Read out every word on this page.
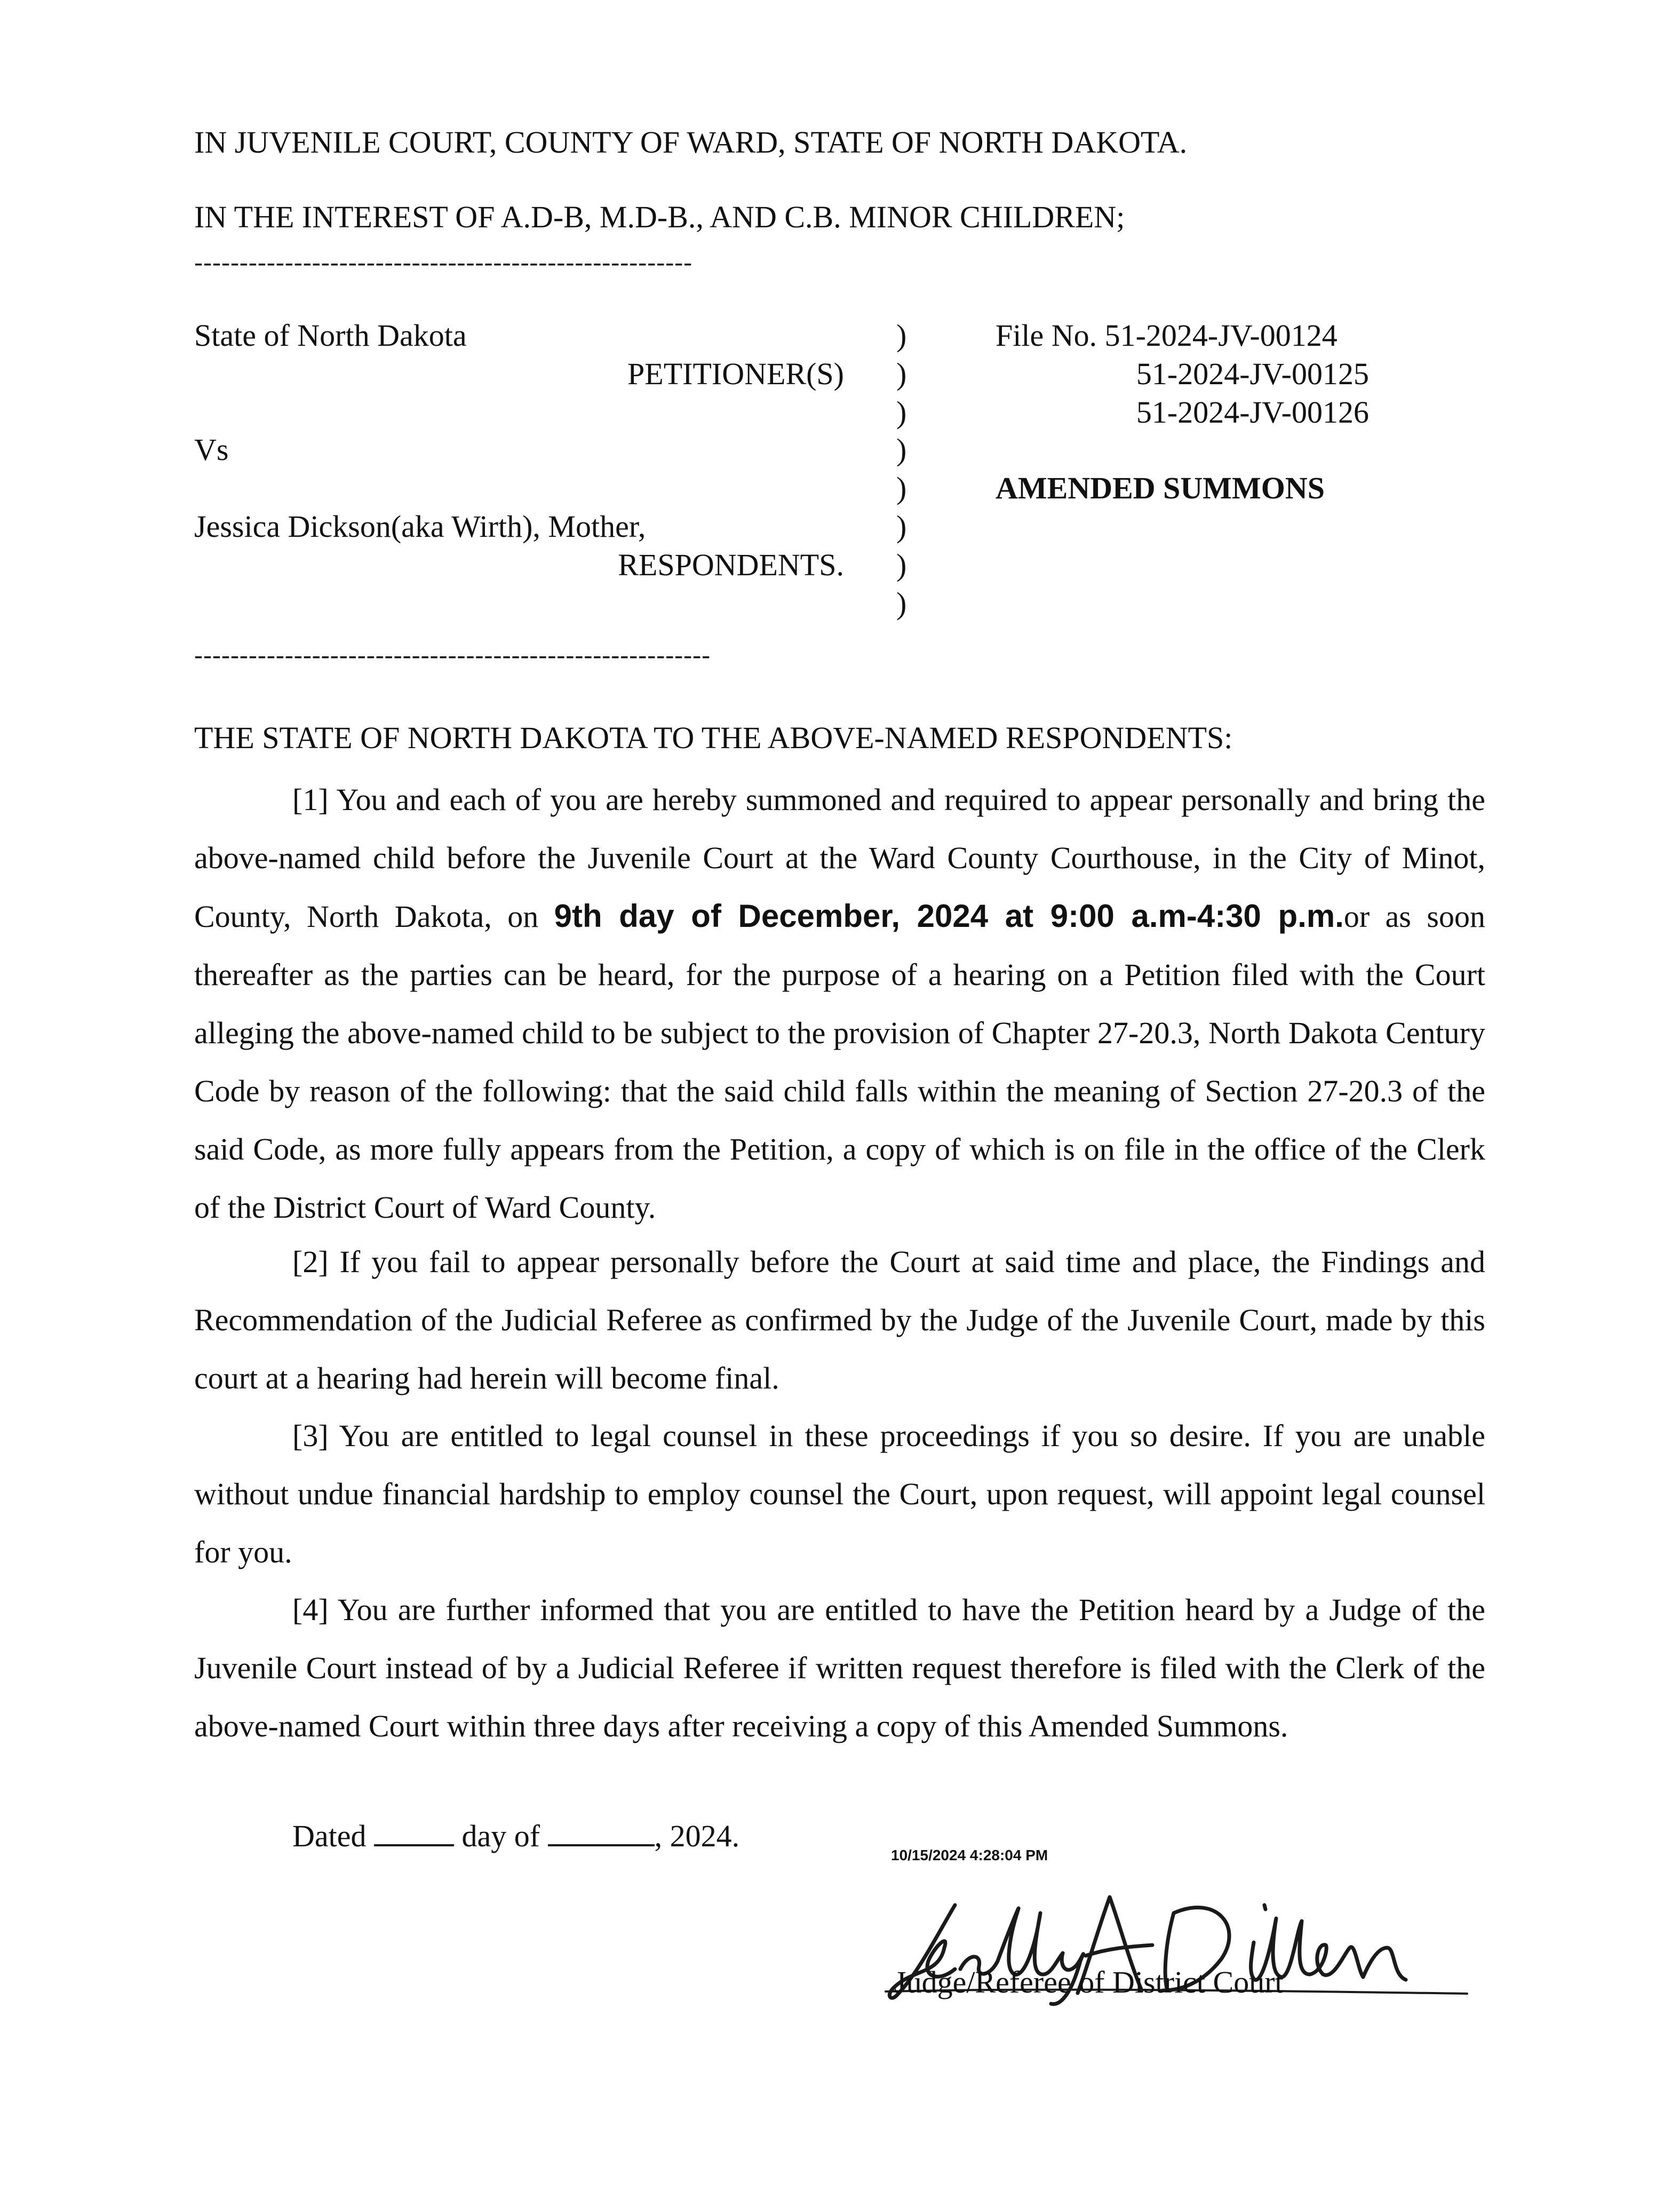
IN JUVENILE COURT, COUNTY OF WARD, STATE OF NORTH DAKOTA.
IN THE INTEREST OF A.D-B, M.D-B., AND C.B. MINOR CHILDREN;
-------------------------------------------------------
State of North Dakota
PETITIONER(S)
Vs
Jessica Dickson(aka Wirth), Mother,
RESPONDENTS.
)
)
)
)
)
)
)
)
File No. 51-2024-JV-00124
51-2024-JV-00125
51-2024-JV-00126
AMENDED SUMMONS
---------------------------------------------------------
THE STATE OF NORTH DAKOTA TO THE ABOVE-NAMED RESPONDENTS:
[1] You and each of you are hereby summoned and required to appear personally and bring the above-named child before the Juvenile Court at the Ward County Courthouse, in the City of Minot, County, North Dakota, on 9th day of December, 2024 at 9:00 a.m-4:30 p.m.or as soon thereafter as the parties can be heard, for the purpose of a hearing on a Petition filed with the Court alleging the above-named child to be subject to the provision of Chapter 27-20.3, North Dakota Century Code by reason of the following: that the said child falls within the meaning of Section 27-20.3 of the said Code, as more fully appears from the Petition, a copy of which is on file in the office of the Clerk of the District Court of Ward County.
[2] If you fail to appear personally before the Court at said time and place, the Findings and Recommendation of the Judicial Referee as confirmed by the Judge of the Juvenile Court, made by this court at a hearing had herein will become final.
[3] You are entitled to legal counsel in these proceedings if you so desire. If you are unable without undue financial hardship to employ counsel the Court, upon request, will appoint legal counsel for you.
[4] You are further informed that you are entitled to have the Petition heard by a Judge of the Juvenile Court instead of by a Judicial Referee if written request therefore is filed with the Clerk of the above-named Court within three days after receiving a copy of this Amended Summons.
Dated	day of	, 2024.
10/15/2024 4:28:04 PM
Judge/Referee of District Court
